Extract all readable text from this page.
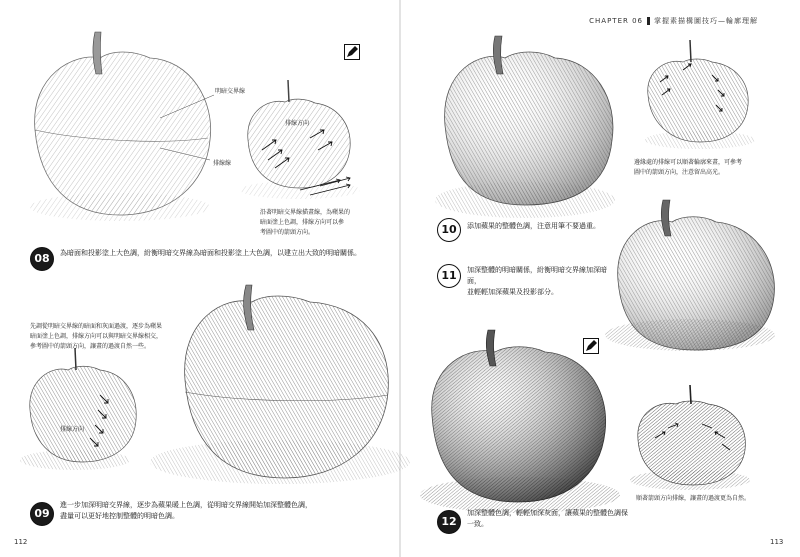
CHAPTER 06 掌握素描構圖技巧—輪廓理解
明暗交界線
排線方向
排線線
排線方向
沿著明暗交界線描畫線，為蘋果的
暗面塗上色調，排線方向可以參
考圖中的箭頭方向。
先調從明暗交界線的暗面和灰面過渡，逐步為蘋果
暗面塗上色調，排線方向可以與明暗交界線相交，
參考圖中的箭頭方向，讓畫的過渡自然一些。
邊緣處的排線可以順著輪廓來畫，可參考
圖中的箭頭方向，注意留出高光。
順著箭頭方向排線，讓畫的過渡更為自然。
08	為暗面和投影塗上大色調，紛衡明暗交界線為暗面和投影塗上大色調，以建立出大致的明暗關係。
09
進一步加深明暗交界線，逐步為蘋果暖上色調，從明暗交界線開始加深整體色調，
盡量可以更好地控制整體的明暗色調。
10	添加蘋果的整體色調，注意用筆不要過重。
11	加深整體的明暗關係，紛衡明暗交界線加深暗面，
並輕輕加深蘋果及投影部分。
12
加深整體色調，輕輕加深灰面，讓蘋果的整體色調保
一致。
112	113
